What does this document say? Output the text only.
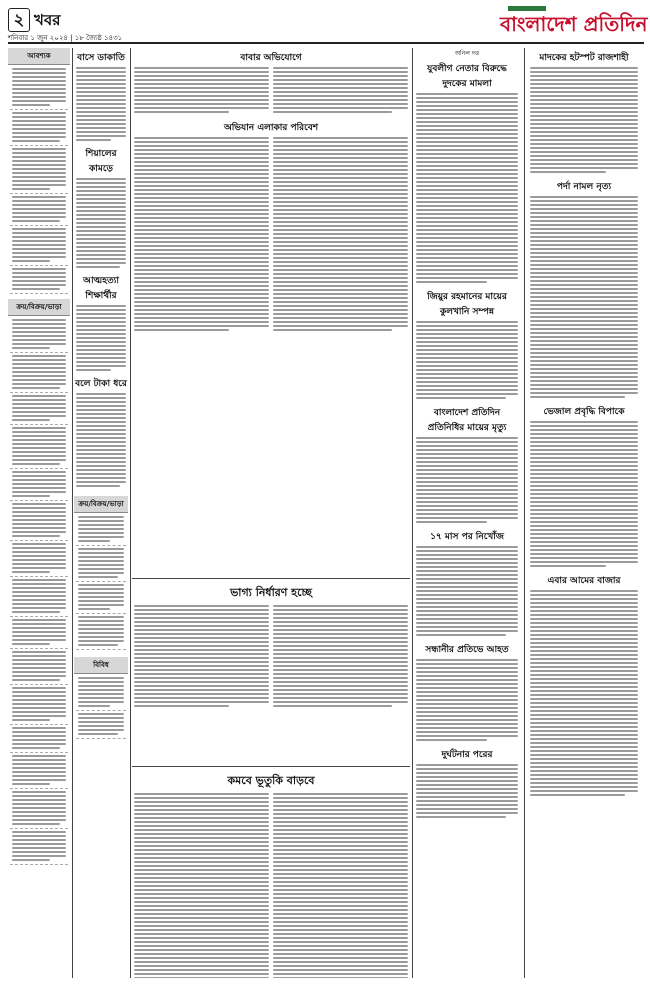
২ খবর
শনিবার ১ জুন ২০২৪ | ১৮ জ্যৈষ্ঠ ১৪৩১
বাংলাদেশ প্রতিদিন
আবশ্যক
ক্রয়/বিক্রয়/ভাড়া
বাসে ডাকাতি
শিয়ালের কামড়ে
আত্মহত্যা শিক্ষার্থীর
বলে টাকা ধরে
ক্রয়/বিক্রয়/ভাড়া
বিবিধ
বাবার অভিযোগে
অভিযান এলাকার পরিবেশ
ভাগ্য নির্ধারণ হচ্ছে
কমবে ভূতুকি বাড়বে
অনিল দত্ত
যুবলীগ নেতার বিরুদ্ধে দুদকের মামলা
জিয়ুর রহমানের মায়ের কুলখানি সম্পন্ন
বাংলাদেশ প্রতিদিন প্রতিনিধির মায়ের মৃত্যু
১৭ মাস পর নিখোঁজ
সন্ধানীর প্রতিভে আহত
দুর্ঘটনার পরের
মাদকের হটস্পট রাজশাহী
পর্দা নামল নৃত্য
ভেজাল প্রবৃদ্ধি বিপাকে
এবার আমের বাজার
